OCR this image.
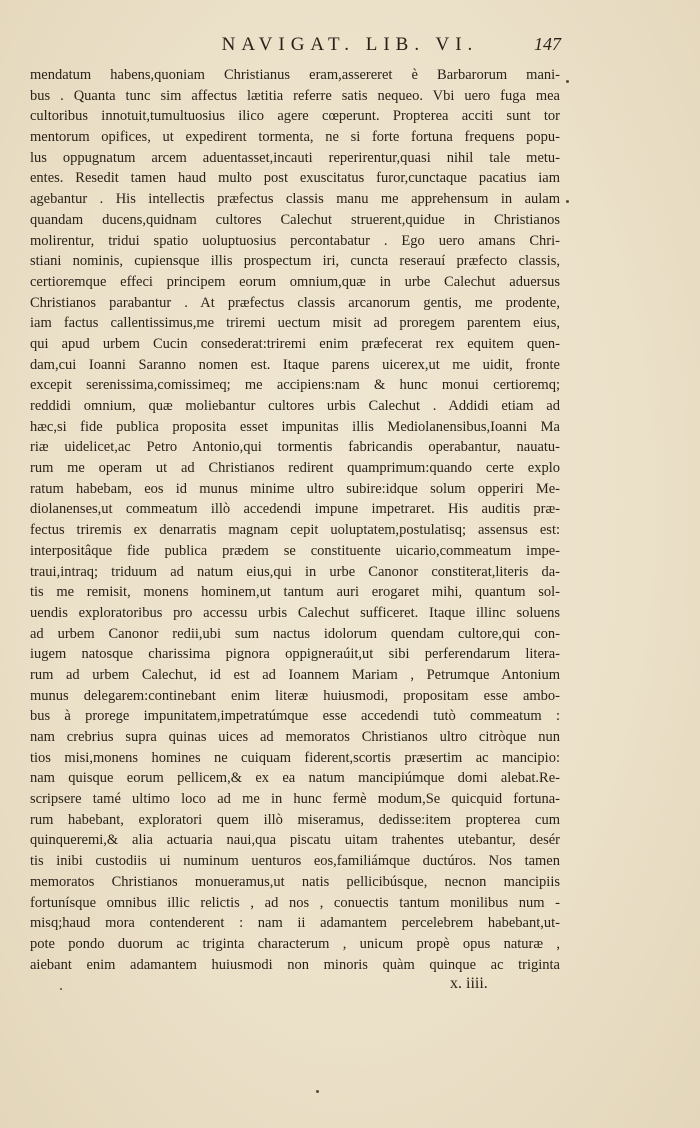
NAVIGAT. LIB. VI.	147
mendatum habens,quoniam Christianus eram,assereret è Barbarorum mani-
bus . Quanta tunc sim affectus lætitia referre satis nequeo. Vbi uero fuga mea
cultoribus innotuit,tumultuosius ilico agere cœperunt. Propterea acciti sunt tor
mentorum opifices, ut expedirent tormenta, ne si forte fortuna frequens popu-
lus oppugnatum arcem aduentasset,incauti reperirentur,quasi nihil tale metu-
entes. Resedit tamen haud multo post exuscitatus furor,cunctaque pacatius iam
agebantur . His intellectis præfectus classis manu me apprehensum in aulam
quandam ducens,quidnam cultores Calechut struerent,quidue in Christianos
molirentur, tridui spatio uoluptuosius percontabatur . Ego uero amans Chri-
stiani nominis, cupiensque illis prospectum iri, cuncta reserauí præfecto classis,
certioremque effeci principem eorum omnium,quæ in urbe Calechut aduersus
Christianos parabantur . At præfectus classis arcanorum gentis, me prodente,
iam factus callentissimus,me triremi uectum misit ad proregem parentem eius,
qui apud urbem Cucin consederat:triremi enim præfecerat rex equitem quen-
dam,cui Ioanni Saranno nomen est. Itaque parens uicerex,ut me uidit, fronte
excepit serenissima,comissimeq; me accipiens:nam & hunc monui certioremq;
reddidi omnium, quæ moliebantur cultores urbis Calechut . Addidi etiam ad
hæc,si fide publica proposita esset impunitas illis Mediolanensibus,Ioanni Ma
riæ uidelicet,ac Petro Antonio,qui tormentis fabricandis operabantur, nauatu-
rum me operam ut ad Christianos redirent quamprimum:quando certe explo
ratum habebam, eos id munus minime ultro subire:idque solum opperiri Me-
diolanenses,ut commeatum illò accedendi impune impetraret. His auditis præ-
fectus triremis ex denarratis magnam cepit uoluptatem,postulatisq; assensus est:
interpositâque fide publica prædem se constituente uicario,commeatum impe-
traui,intraq; triduum ad natum eius,qui in urbe Canonor constiterat,literis da-
tis me remisit, monens hominem,ut tantum auri erogaret mihi, quantum sol-
uendis exploratoribus pro accessu urbis Calechut sufficeret. Itaque illinc soluens
ad urbem Canonor redii,ubi sum nactus idolorum quendam cultore,qui con-
iugem natosque charissima pignora oppigneraúit,ut sibi perferendarum litera-
rum ad urbem Calechut, id est ad Ioannem Mariam , Petrumque Antonium
munus delegarem:continebant enim literæ huiusmodi, propositam esse ambo-
bus à prorege impunitatem,impetratúmque esse accedendi tutò commeatum :
nam crebrius supra quinas uices ad memoratos Christianos ultro citròque nun
tios misi,monens homines ne cuiquam fiderent,scortis præsertim ac mancipio:
nam quisque eorum pellicem,& ex ea natum mancipiúmque domi alebat.Re-
scripsere tamé ultimo loco ad me in hunc fermè modum,Se quicquid fortuna-
rum habebant, exploratori quem illò miseramus, dedisse:item propterea cum
quinqueremi,& alia actuaria naui,qua piscatu uitam trahentes utebantur, desér
tis inibi custodiis ui numinum uenturos eos,familiámque ductúros. Nos tamen
memoratos Christianos monueramus,ut natis pellicibúsque, necnon mancipiis
fortunísque omnibus illic relictis , ad nos , conuectis tantum monilibus num -
misq;haud mora contenderent : nam ii adamantem percelebrem habebant,ut-
pote pondo duorum ac triginta characterum , unicum propè opus naturæ ,
aiebant enim adamantem huiusmodi non minoris quàm quinque ac triginta
x. iiii.
